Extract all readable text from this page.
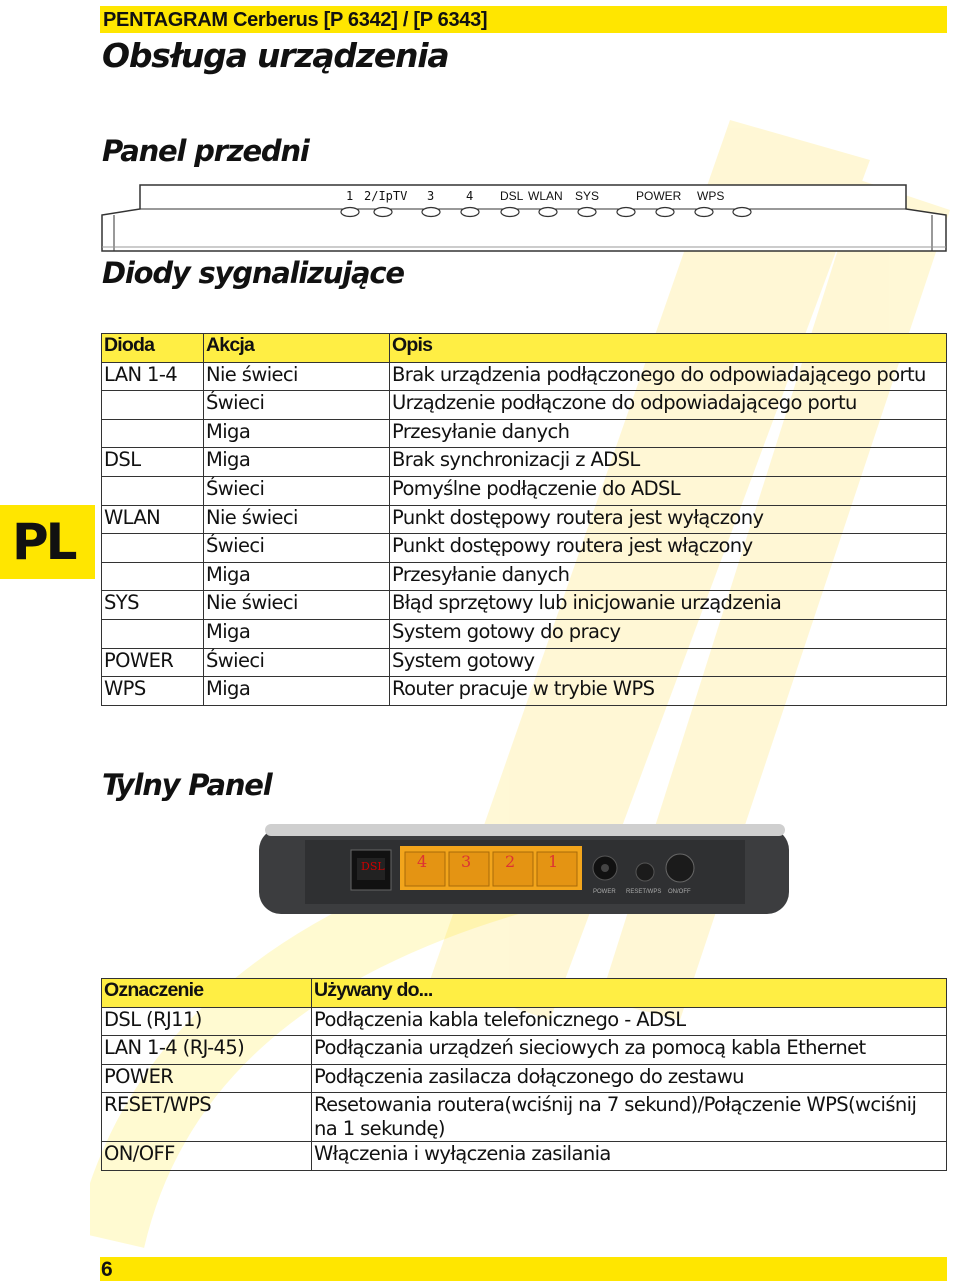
PENTAGRAM Cerberus [P 6342] / [P 6343]
Obsługa urządzenia
Panel przedni
1 2/IpTV 3	4 DSL WLAN SYS	POWER WPS
Diody sygnalizujące
PL
Dioda	Akcja	Opis
LAN 1-4	Nie świeci	Brak urządzenia podłączonego do odpowiadającego portu
	Świeci	Urządzenie podłączone do odpowiadającego portu
	Miga	Przesyłanie danych
DSL	Miga	Brak synchronizacji z ADSL
	Świeci	Pomyślne podłączenie do ADSL
WLAN	Nie świeci	Punkt dostępowy routera jest wyłączony
	Świeci	Punkt dostępowy routera jest włączony
	Miga	Przesyłanie danych
SYS	Nie świeci	Błąd sprzętowy lub inicjowanie urządzenia
	Miga	System gotowy do pracy
POWER	Świeci	System gotowy
WPS	Miga	Router pracuje w trybie WPS
Tylny Panel
DSL 4 3 2 1
POWER RESET/WPS ON/OFF
Oznaczenie	Używany do...
DSL (RJ11)	Podłączenia kabla telefonicznego - ADSL
LAN 1-4 (RJ-45)	Podłączania urządzeń sieciowych za pomocą kabla Ethernet
POWER	Podłączenia zasilacza dołączonego do zestawu
RESET/WPS	Resetowania routera(wciśnij na 7 sekund)/Połączenie WPS(wciśnij na 1 sekundę)
ON/OFF	Włączenia i wyłączenia zasilania
6
